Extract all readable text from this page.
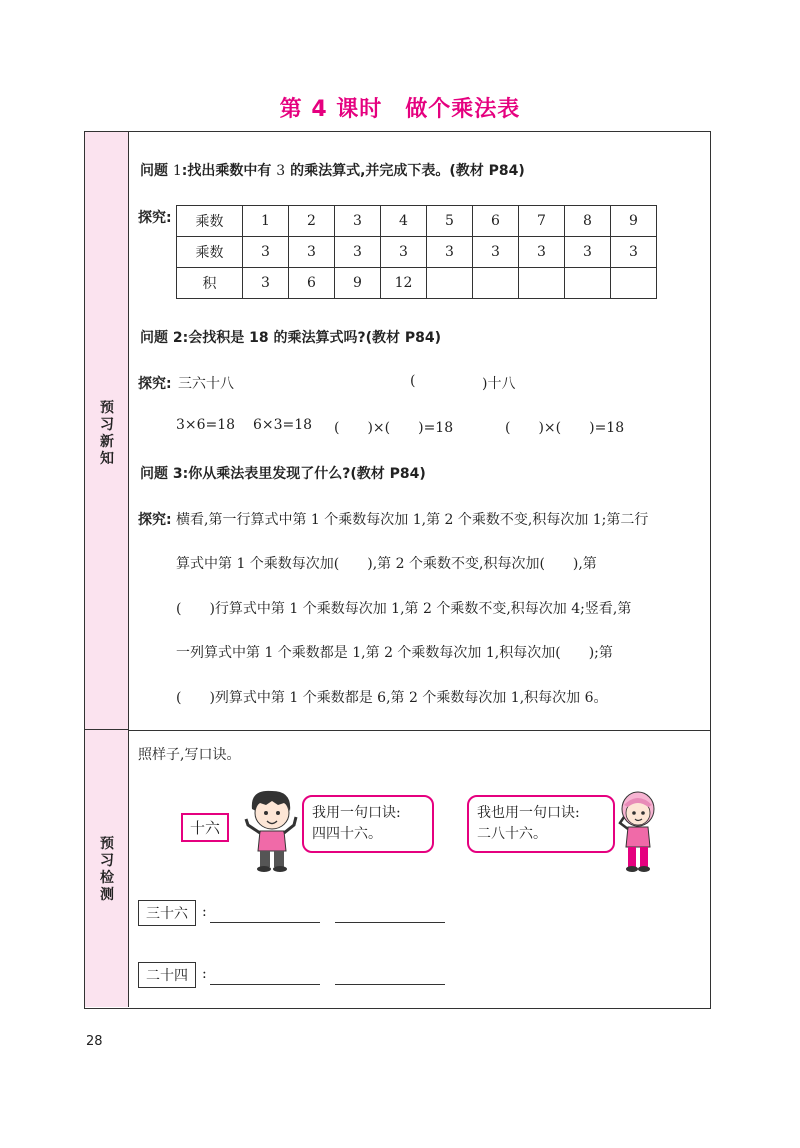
第 4 课时　做个乘法表
预
习
新
知
预
习
检
测
问题 1:找出乘数中有 3 的乘法算式,并完成下表。(教材 P84)
探究: 乘数	1	2	3	4	5	6	7	8	9
乘数	3	3	3	3	3	3	3	3	3
积	3	6	9	12					
问题 2:会找积是 18 的乘法算式吗?(教材 P84)
探究: 三六十八	(	)十八
3×6=18 6×3=18 (　　)×(　　)=18	(　　)×(　　)=18
问题 3:你从乘法表里发现了什么?(教材 P84)
探究: 横看,第一行算式中第 1 个乘数每次加 1,第 2 个乘数不变,积每次加 1;第二行
算式中第 1 个乘数每次加(　　),第 2 个乘数不变,积每次加(　　),第
(　　)行算式中第 1 个乘数每次加 1,第 2 个乘数不变,积每次加 4;竖看,第
一列算式中第 1 个乘数都是 1,第 2 个乘数每次加 1,积每次加(　　);第
(　　)列算式中第 1 个乘数都是 6,第 2 个乘数每次加 1,积每次加 6。
照样子,写口诀。
十六
我用一句口诀:
四四十六。
我也用一句口诀:
二八十六。
三十六	:
二十四	:
28
